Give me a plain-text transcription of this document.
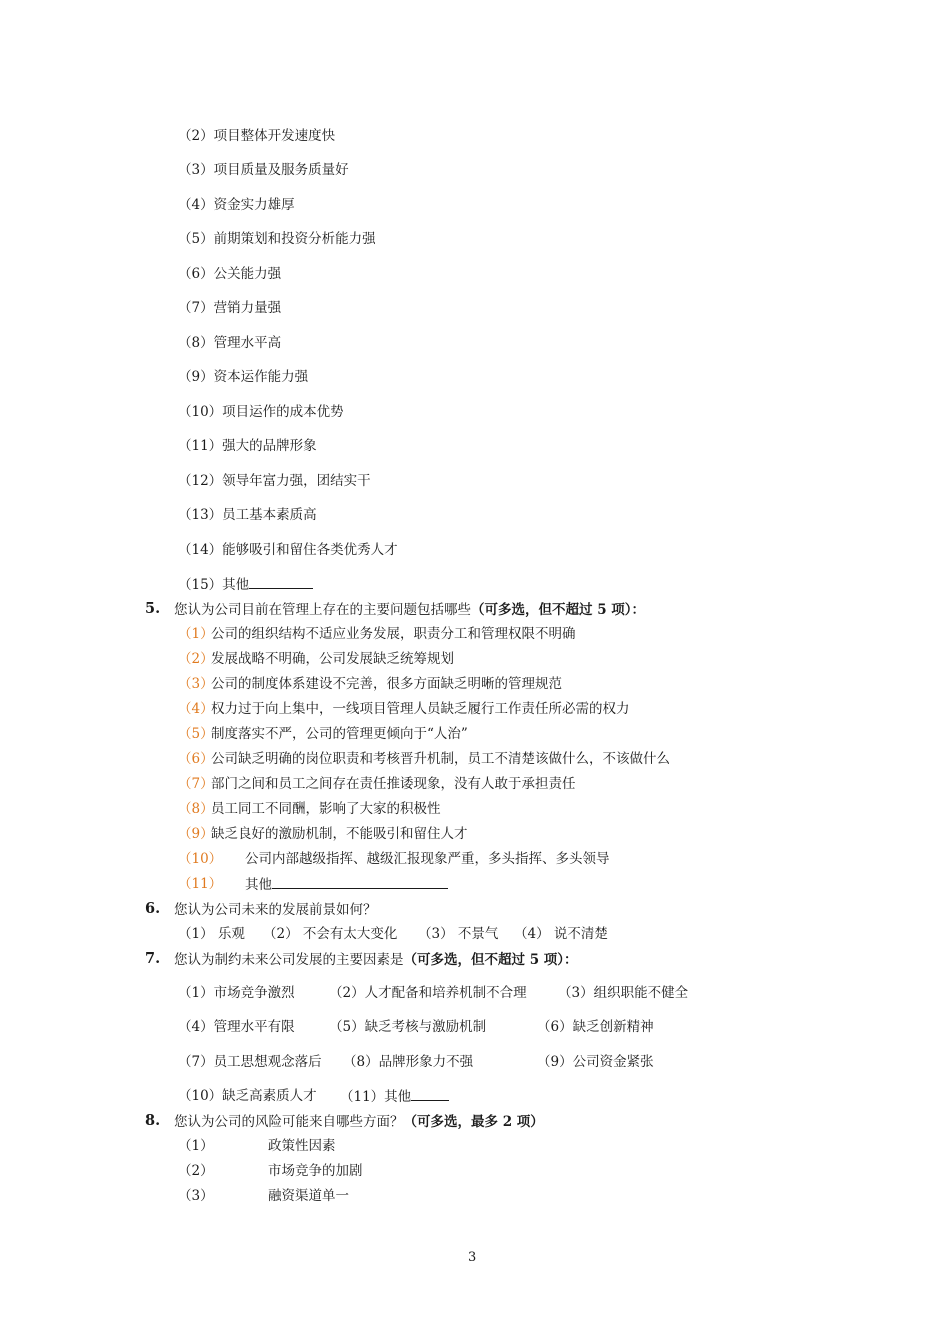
（2）项目整体开发速度快
（3）项目质量及服务质量好
（4）资金实力雄厚
（5）前期策划和投资分析能力强
（6）公关能力强
（7）营销力量强
（8）管理水平高
（9）资本运作能力强
（10）项目运作的成本优势
（11）强大的品牌形象
（12）领导年富力强，团结实干
（13）员工基本素质高
（14）能够吸引和留住各类优秀人才
（15）其他
5. 您认为公司目前在管理上存在的主要问题包括哪些（可多选，但不超过 5 项）：
（1）
公司的组织结构不适应业务发展，职责分工和管理权限不明确
（2）
发展战略不明确，公司发展缺乏统筹规划
（3）
公司的制度体系建设不完善，很多方面缺乏明晰的管理规范
（4）
权力过于向上集中，一线项目管理人员缺乏履行工作责任所必需的权力
（5）
制度落实不严，公司的管理更倾向于“人治”
（6）
公司缺乏明确的岗位职责和考核晋升机制，员工不清楚该做什么，不该做什么
（7）
部门之间和员工之间存在责任推诿现象，没有人敢于承担责任
（8）
员工同工不同酬，影响了大家的积极性
（9）
缺乏良好的激励机制，不能吸引和留住人才
（10） 公司内部越级指挥、越级汇报现象严重，多头指挥、多头领导
（11） 其他
6. 您认为公司未来的发展前景如何？
（1） 乐观 （2） 不会有太大变化 （3） 不景气 （4） 说不清楚
7. 您认为制约未来公司发展的主要因素是（可多选，但不超过 5 项）：
（1）市场竞争激烈	（2）人才配备和培养机制不合理 （3）组织职能不健全
（4）管理水平有限	（5）缺乏考核与激励机制	（6）缺乏创新精神
（7）员工思想观念落后 （8）品牌形象力不强	（9）公司资金紧张
（10）缺乏高素质人才 （11）其他
8. 您认为公司的风险可能来自哪些方面？（可多选，最多 2 项）
（1）	政策性因素
（2）	市场竞争的加剧
（3）	融资渠道单一
3
